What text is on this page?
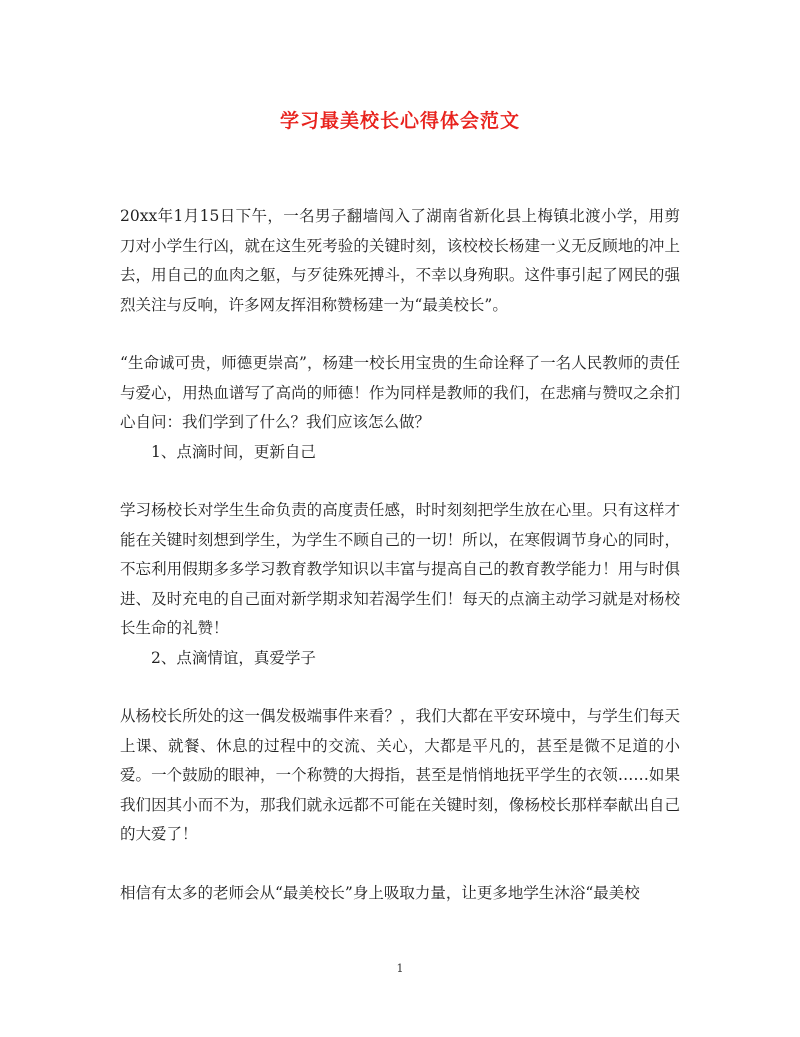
学习最美校长心得体会范文

20xx年1月15日下午，一名男子翻墙闯入了湖南省新化县上梅镇北渡小学，用剪刀对小学生行凶，就在这生死考验的关键时刻，该校校长杨建一义无反顾地的冲上去，用自己的血肉之躯，与歹徒殊死搏斗，不幸以身殉职。这件事引起了网民的强烈关注与反响，许多网友挥泪称赞杨建一为“最美校长”。

“生命诚可贵，师德更崇高”，杨建一校长用宝贵的生命诠释了一名人民教师的责任与爱心，用热血谱写了高尚的师德！作为同样是教师的我们，在悲痛与赞叹之余扪心自问：我们学到了什么？我们应该怎么做？

1、点滴时间，更新自己

学习杨校长对学生生命负责的高度责任感，时时刻刻把学生放在心里。只有这样才能在关键时刻想到学生，为学生不顾自己的一切！所以，在寒假调节身心的同时，不忘利用假期多多学习教育教学知识以丰富与提高自己的教育教学能力！用与时俱进、及时充电的自己面对新学期求知若渴学生们！每天的点滴主动学习就是对杨校长生命的礼赞！

2、点滴情谊，真爱学子

从杨校长所处的这一偶发极端事件来看？，我们大都在平安环境中，与学生们每天上课、就餐、休息的过程中的交流、关心，大都是平凡的，甚至是微不足道的小爱。一个鼓励的眼神，一个称赞的大拇指，甚至是悄悄地抚平学生的衣领……如果我们因其小而不为，那我们就永远都不可能在关键时刻，像杨校长那样奉献出自己的大爱了！

相信有太多的老师会从“最美校长”身上吸取力量，让更多地学生沐浴“最美校

1
